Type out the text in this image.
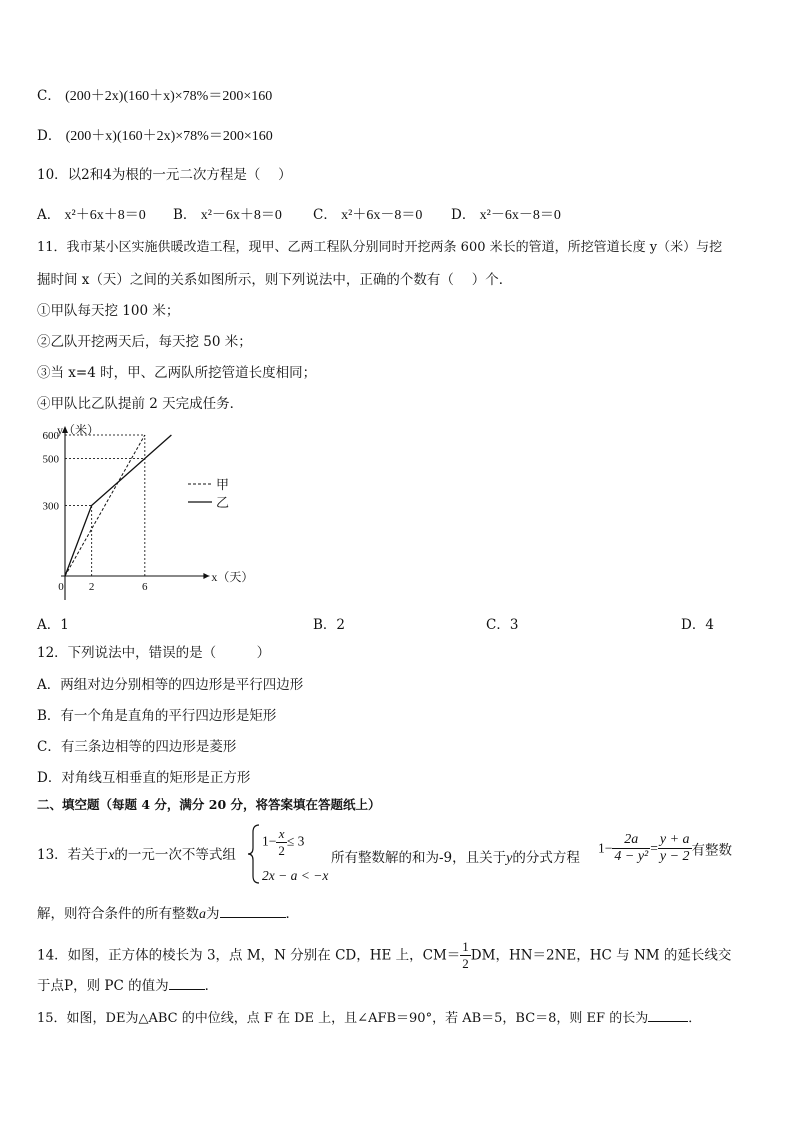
C． (200＋2x)(160＋x)×78%＝200×160
D． (200＋x)(160＋2x)×78%＝200×160
10．以2和4为根的一元二次方程是（　 ）
A． x²＋6x＋8＝0 B． x²－6x＋8＝0 C． x²＋6x－8＝0 D． x²－6x－8＝0
11．我市某小区实施供暖改造工程，现甲、乙两工程队分别同时开挖两条 600 米长的管道，所挖管道长度 y（米）与挖
掘时间 x（天）之间的关系如图所示，则下列说法中，正确的个数有（　 ）个．
①甲队每天挖 100 米；
②乙队开挖两天后，每天挖 50 米；
③当 x=4 时，甲、乙两队所挖管道长度相同；
④甲队比乙队提前 2 天完成任务．
600
500
300
0 2	6
y（米）
x（天）
甲
乙
A．1	B．2	C．3	D．4
12．下列说法中，错误的是（　　　）
A．两组对边分别相等的四边形是平行四边形
B．有一个角是直角的平行四边形是矩形
C．有三条边相等的四边形是菱形
D．对角线互相垂直的矩形是正方形
二、填空题（每题 4 分，满分 20 分，将答案填在答题纸上）
13．若关于x的一元一次不等式组
$1- \frac{x}{2} \le 3$
2x − a < −x
所有整数解的和为-9，且关于y的分式方程
$1- \frac{2a}{\text{4 − y²}} = \frac{y + a}{y - 2}$ 有整数
解，则符合条件的所有整数a为	．
14．如图，正方体的棱长为 3，点 M，N 分别在 CD，HE 上，$CM= \frac{1}{2}$ DM，HN＝2NE，HC 与 NM 的延长线交
于点P，则 PC 的值为	．
15．如图，DE为△ABC 的中位线，点 F 在 DE 上，且∠AFB＝90°，若 AB＝5，BC＝8，则 EF 的长为	．
